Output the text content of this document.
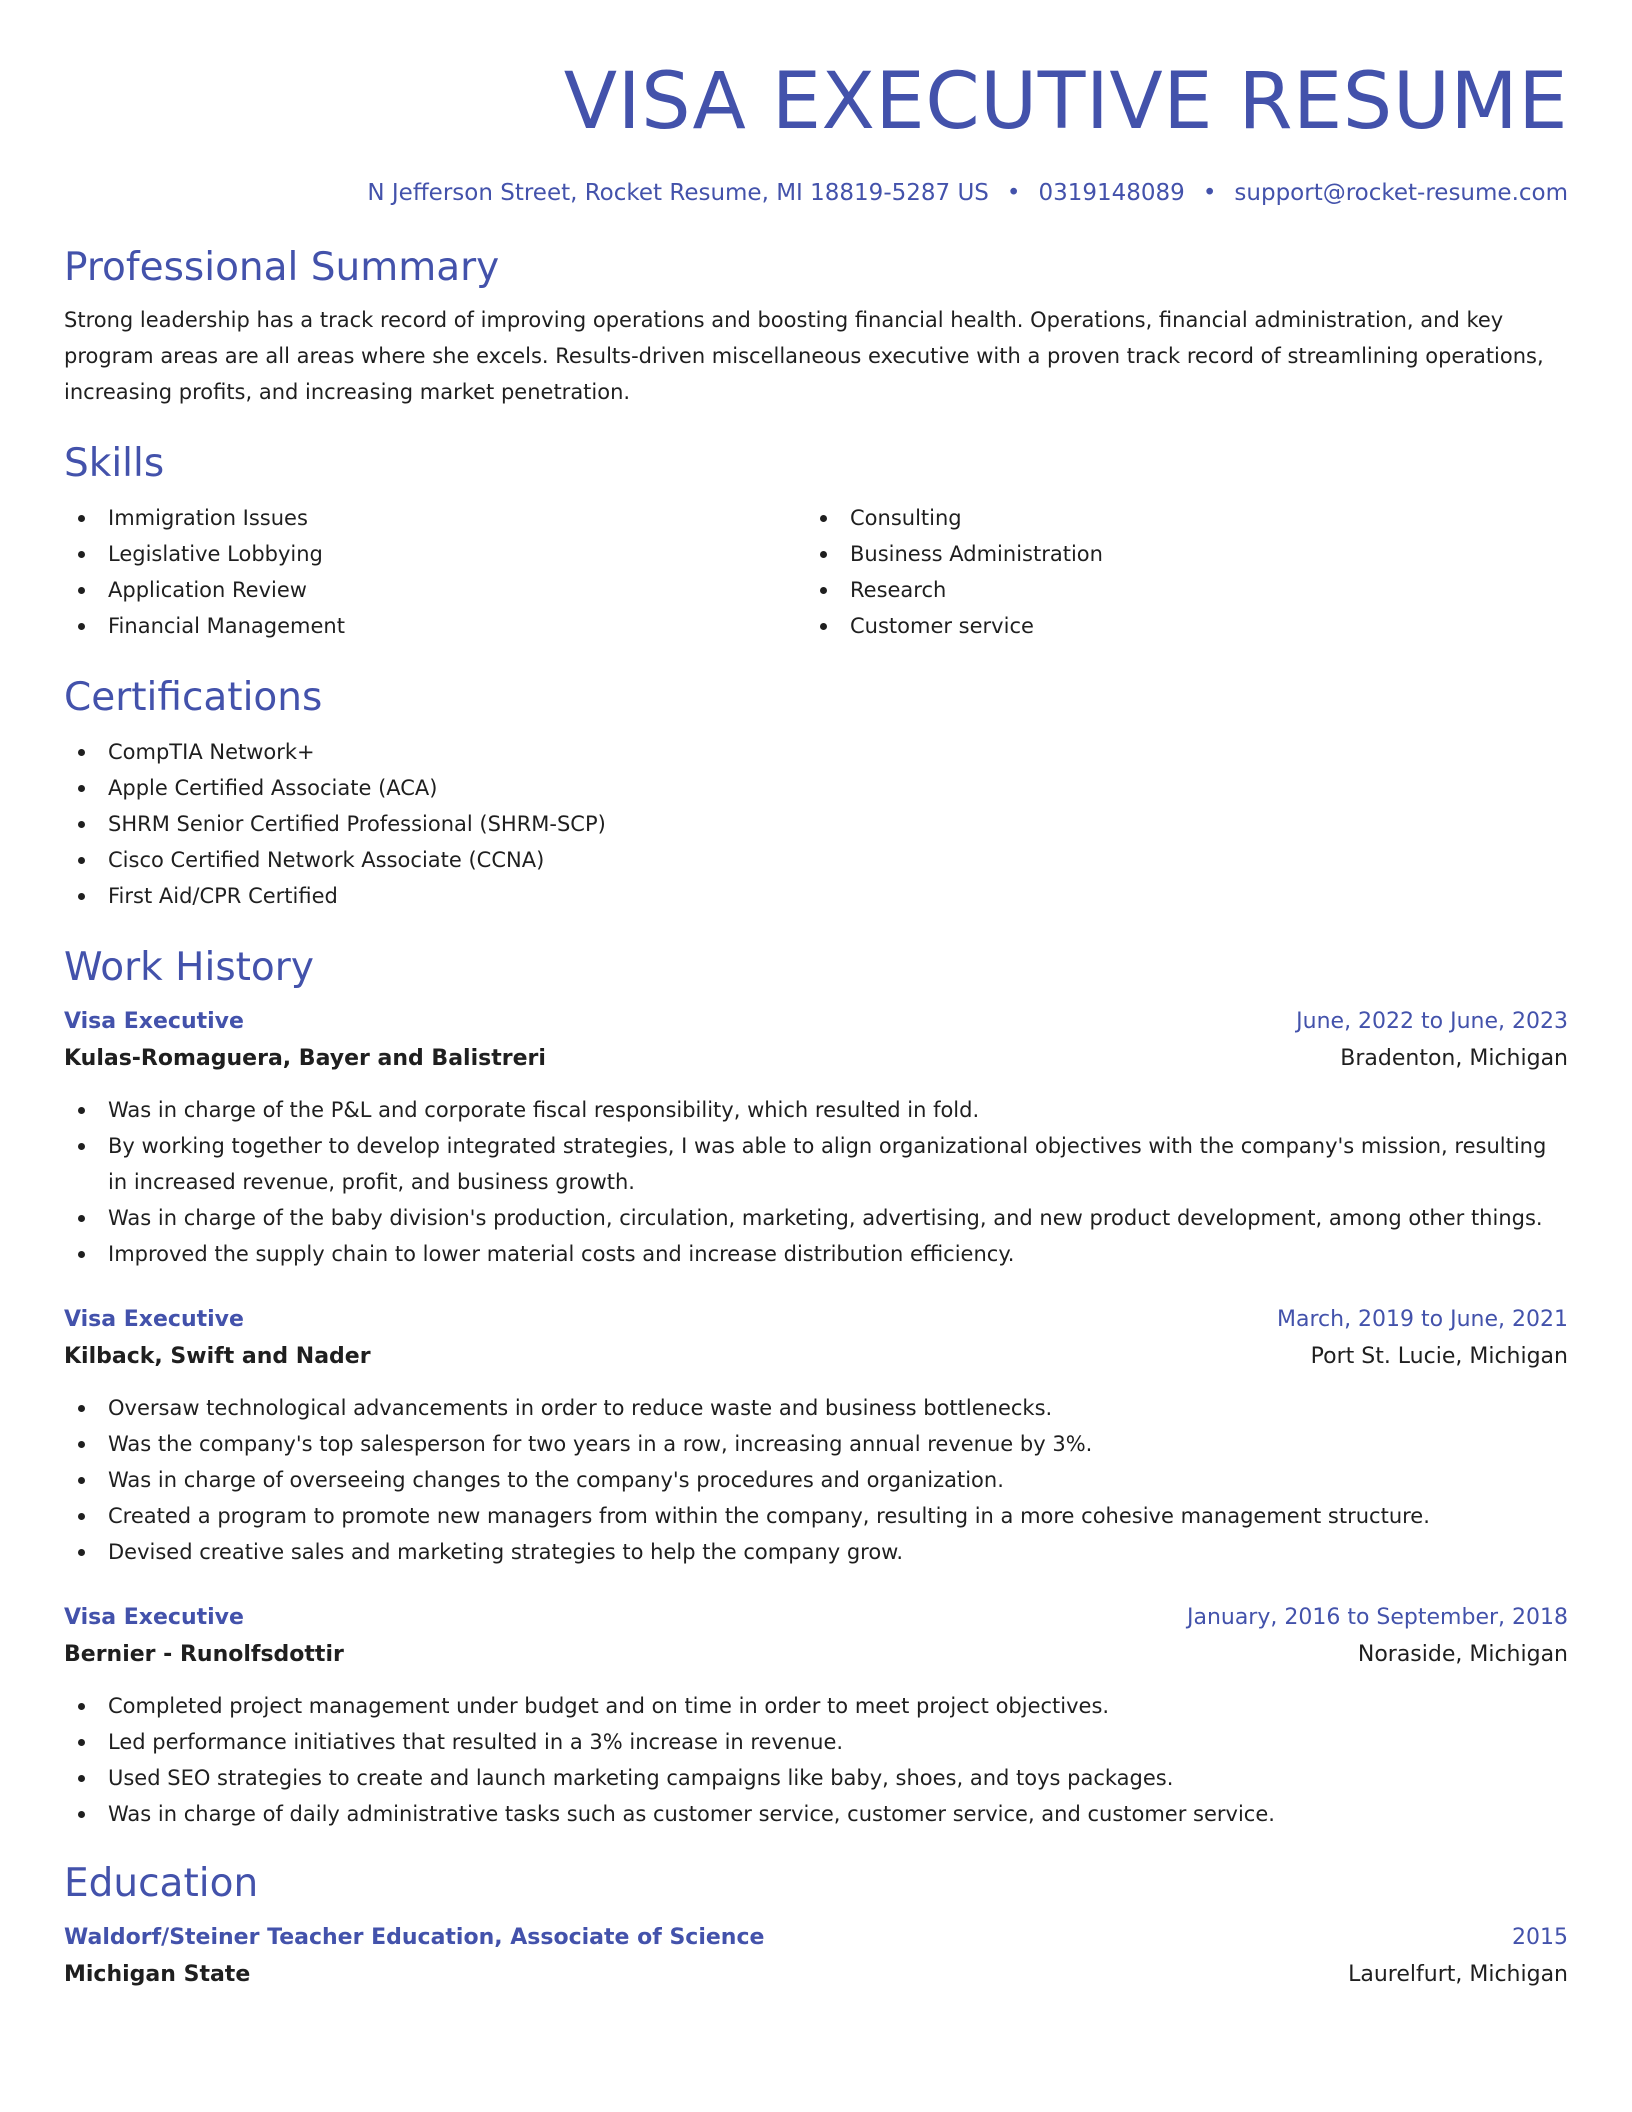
VISA EXECUTIVE RESUME
N Jefferson Street, Rocket Resume, MI 18819-5287 US • 0319148089 • support@rocket-resume.com
Professional Summary

Strong leadership has a track record of improving operations and boosting financial health. Operations, financial administration, and key program areas are all areas where she excels. Results-driven miscellaneous executive with a proven track record of streamlining operations, increasing profits, and increasing market penetration.

Skills
Immigration Issues
Legislative Lobbying
Application Review
Financial Management
Consulting
Business Administration
Research
Customer service
Certifications
CompTIA Network+
Apple Certified Associate (ACA)
SHRM Senior Certified Professional (SHRM-SCP)
Cisco Certified Network Associate (CCNA)
First Aid/CPR Certified
Work History
Visa Executive	June, 2022 to June, 2023
Kulas-Romaguera, Bayer and Balistreri	Bradenton, Michigan
Was in charge of the P&L and corporate fiscal responsibility, which resulted in fold.
By working together to develop integrated strategies, I was able to align organizational objectives with the company's mission, resulting in increased revenue, profit, and business growth.
Was in charge of the baby division's production, circulation, marketing, advertising, and new product development, among other things.
Improved the supply chain to lower material costs and increase distribution efficiency.
Visa Executive	March, 2019 to June, 2021
Kilback, Swift and Nader	Port St. Lucie, Michigan
Oversaw technological advancements in order to reduce waste and business bottlenecks.
Was the company's top salesperson for two years in a row, increasing annual revenue by 3%.
Was in charge of overseeing changes to the company's procedures and organization.
Created a program to promote new managers from within the company, resulting in a more cohesive management structure.
Devised creative sales and marketing strategies to help the company grow.
Visa Executive	January, 2016 to September, 2018
Bernier - Runolfsdottir	Noraside, Michigan
Completed project management under budget and on time in order to meet project objectives.
Led performance initiatives that resulted in a 3% increase in revenue.
Used SEO strategies to create and launch marketing campaigns like baby, shoes, and toys packages.
Was in charge of daily administrative tasks such as customer service, customer service, and customer service.
Education
Waldorf/Steiner Teacher Education, Associate of Science	2015
Michigan State	Laurelfurt, Michigan
